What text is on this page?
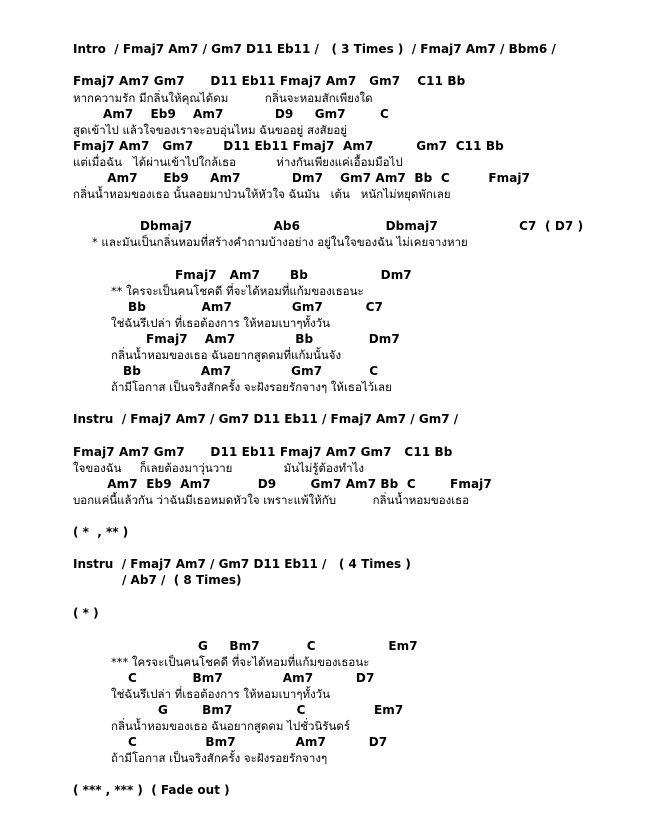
Intro  / Fmaj7 Am7 / Gm7 D11 Eb11 /   ( 3 Times )  / Fmaj7 Am7 / Bbm6 /
Fmaj7 Am7 Gm7      D11 Eb11 Fmaj7 Am7   Gm7    C11 Bb
หากความรัก มีกลิ่นให้คุณได้ดม          กลิ่นจะหอมสักเพียงใด
Am7    Eb9    Am7            D9     Gm7        C
สูดเข้าไป แล้วใจของเราจะอบอุ่นไหม ฉันขออยู่ สงสัยอยู่
Fmaj7 Am7   Gm7       D11 Eb11 Fmaj7  Am7          Gm7  C11 Bb
แต่เมื่อฉัน   ได้ผ่านเข้าไปใกล้เธอ           ห่างกันเพียงแค่เอื้อมมือไป
Am7      Eb9     Am7            Dm7    Gm7 Am7  Bb  C         Fmaj7
กลิ่นน้ำหอมของเธอ นั้นลอยมาป่วนให้หัวใจ ฉันมัน   เต้น   หนักไม่หยุดพักเลย
Dbmaj7                   Ab6                    Dbmaj7                   C7  ( D7 )
* และมันเป็นกลิ่นหอมที่สร้างคำถามบ้างอย่าง อยู่ในใจของฉัน ไม่เคยจางหาย
Fmaj7   Am7       Bb                 Dm7
** ใครจะเป็นคนโชคดี ที่จะได้หอมที่แก้มของเธอนะ
Bb             Am7              Gm7          C7
ใช่ฉันรึเปล่า ที่เธอต้องการ ให้หอมเบาๆทั้งวัน
Fmaj7    Am7              Bb             Dm7
กลิ่นน้ำหอมของเธอ ฉันอยากสูดดมที่แก้มนั้นจัง
Bb              Am7              Gm7           C
ถ้ามีโอกาส เป็นจริงสักครั้ง จะฝังรอยรักจางๆ ให้เธอไว้เลย
Instru  / Fmaj7 Am7 / Gm7 D11 Eb11 / Fmaj7 Am7 / Gm7 /
Fmaj7 Am7 Gm7      D11 Eb11 Fmaj7 Am7 Gm7   C11 Bb
ใจของฉัน     ก็เลยต้องมาวุ่นวาย              มันไม่รู้ต้องทำไง
Am7  Eb9  Am7           D9        Gm7 Am7 Bb  C        Fmaj7
บอกแค่นี้แล้วกัน ว่าฉันมีเธอหมดหัวใจ เพราะแพ้ให้กับ          กลิ่นน้ำหอมของเธอ
( *  , ** )
Instru  / Fmaj7 Am7 / Gm7 D11 Eb11 /   ( 4 Times )
/ Ab7 /  ( 8 Times)
( * )
G     Bm7           C                 Em7
*** ใครจะเป็นคนโชคดี ที่จะได้หอมที่แก้มของเธอนะ
C             Bm7              Am7          D7
ใช่ฉันรึเปล่า ที่เธอต้องการ ให้หอมเบาๆทั้งวัน
G        Bm7               C                Em7
กลิ่นน้ำหอมของเธอ ฉันอยากสูดดม ไปชั่วนิรันดร์
C                Bm7              Am7          D7
ถ้ามีโอกาส เป็นจริงสักครั้ง จะฝังรอยรักจางๆ
( *** , *** )  ( Fade out )
